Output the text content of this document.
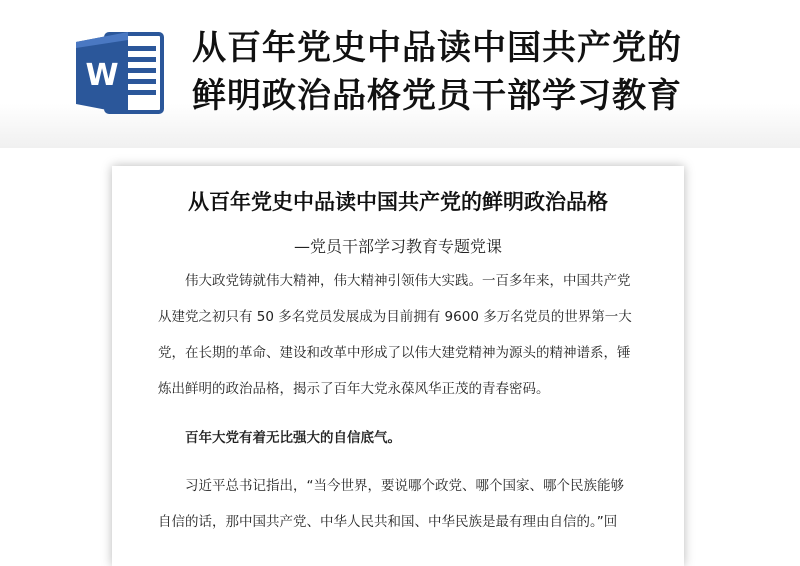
W
从百年党史中品读中国共产党的
鲜明政治品格党员干部学习教育
从百年党史中品读中国共产党的鲜明政治品格
—党员干部学习教育专题党课
伟大政党铸就伟大精神，伟大精神引领伟大实践。一百多年来，中国共产党
从建党之初只有 50 多名党员发展成为目前拥有 9600 多万名党员的世界第一大
党，在长期的革命、建设和改革中形成了以伟大建党精神为源头的精神谱系，锤
炼出鲜明的政治品格，揭示了百年大党永葆风华正茂的青春密码。
百年大党有着无比强大的自信底气。
习近平总书记指出，“当今世界，要说哪个政党、哪个国家、哪个民族能够
自信的话，那中国共产党、中华人民共和国、中华民族是最有理由自信的。”回
